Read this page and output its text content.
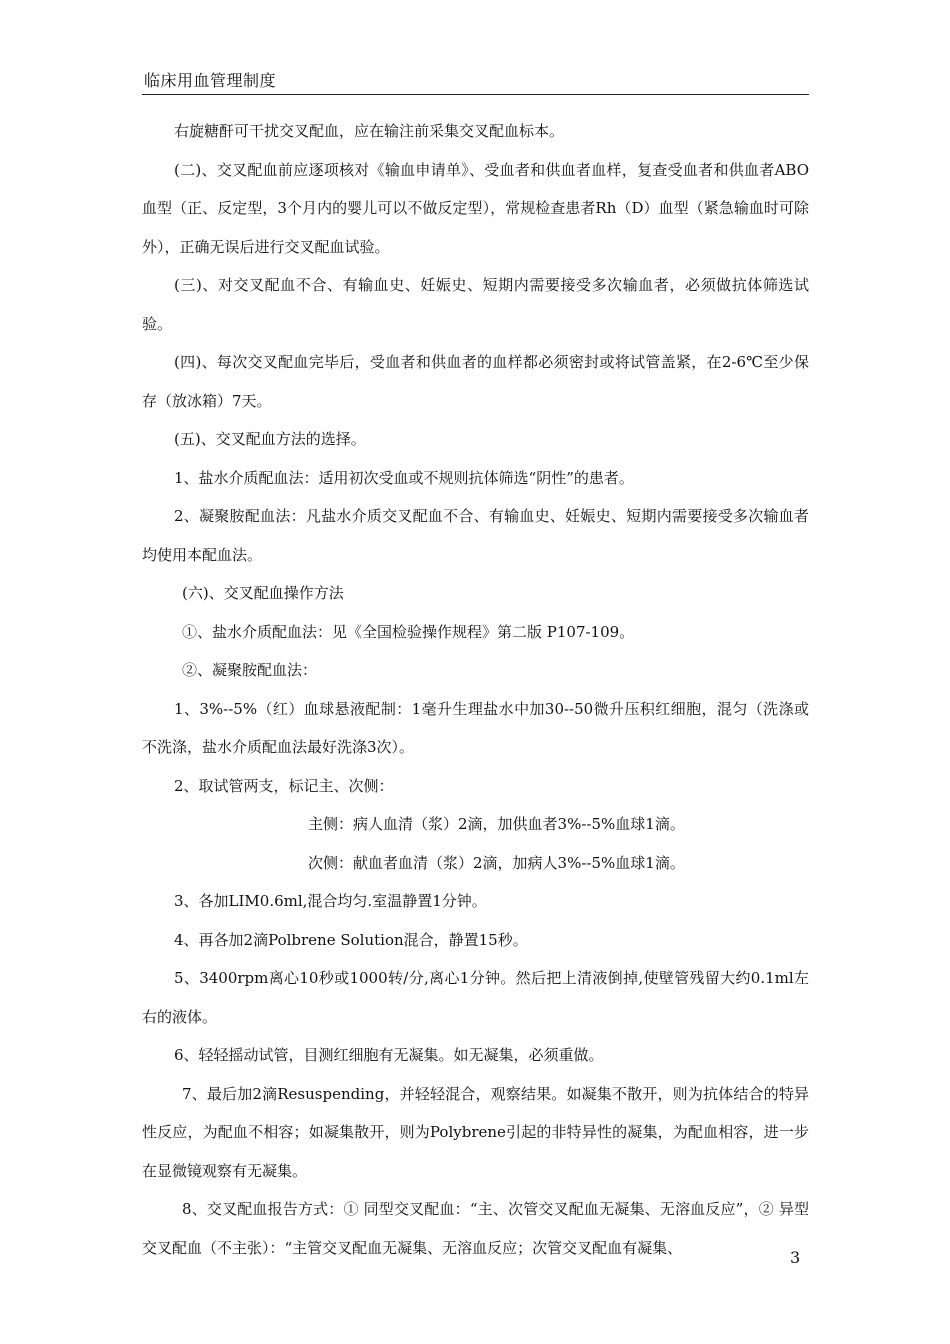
临床用血管理制度

右旋糖酐可干扰交叉配血，应在输注前采集交叉配血标本。

(二)、交叉配血前应逐项核对《输血申请单》、受血者和供血者血样，复查受血者和供血者ABO血型（正、反定型，3个月内的婴儿可以不做反定型），常规检查患者Rh（D）血型（紧急输血时可除外），正确无误后进行交叉配血试验。

(三)、对交叉配血不合、有输血史、妊娠史、短期内需要接受多次输血者，必须做抗体筛选试验。

(四)、每次交叉配血完毕后，受血者和供血者的血样都必须密封或将试管盖紧，在2-6℃至少保存（放冰箱）7天。

(五)、交叉配血方法的选择。

1、盐水介质配血法：适用初次受血或不规则抗体筛选“阴性”的患者。

2、凝聚胺配血法：凡盐水介质交叉配血不合、有输血史、妊娠史、短期内需要接受多次输血者均使用本配血法。

(六)、交叉配血操作方法

①、盐水介质配血法：见《全国检验操作规程》第二版 P107-109。

②、凝聚胺配血法：

1、3%--5%（红）血球悬液配制：1毫升生理盐水中加30--50微升压积红细胞，混匀（洗涤或不洗涤，盐水介质配血法最好洗涤3次）。

2、取试管两支，标记主、次侧：

主侧：病人血清（浆）2滴，加供血者3%--5%血球1滴。

次侧：献血者血清（浆）2滴，加病人3%--5%血球1滴。

3、各加LIM0.6ml,混合均匀.室温静置1分钟。

4、再各加2滴Polbrene Solution混合，静置15秒。

5、3400rpm离心10秒或1000转/分,离心1分钟。然后把上清液倒掉,使壁管残留大约0.1ml左右的液体。

6、轻轻摇动试管，目测红细胞有无凝集。如无凝集，必须重做。

7、最后加2滴Resuspending，并轻轻混合，观察结果。如凝集不散开，则为抗体结合的特异性反应，为配血不相容；如凝集散开，则为Polybrene引起的非特异性的凝集，为配血相容，进一步在显微镜观察有无凝集。

8、交叉配血报告方式：① 同型交叉配血：“主、次管交叉配血无凝集、无溶血反应”，② 异型交叉配血（不主张）：“主管交叉配血无凝集、无溶血反应；次管交叉配血有凝集、

3
